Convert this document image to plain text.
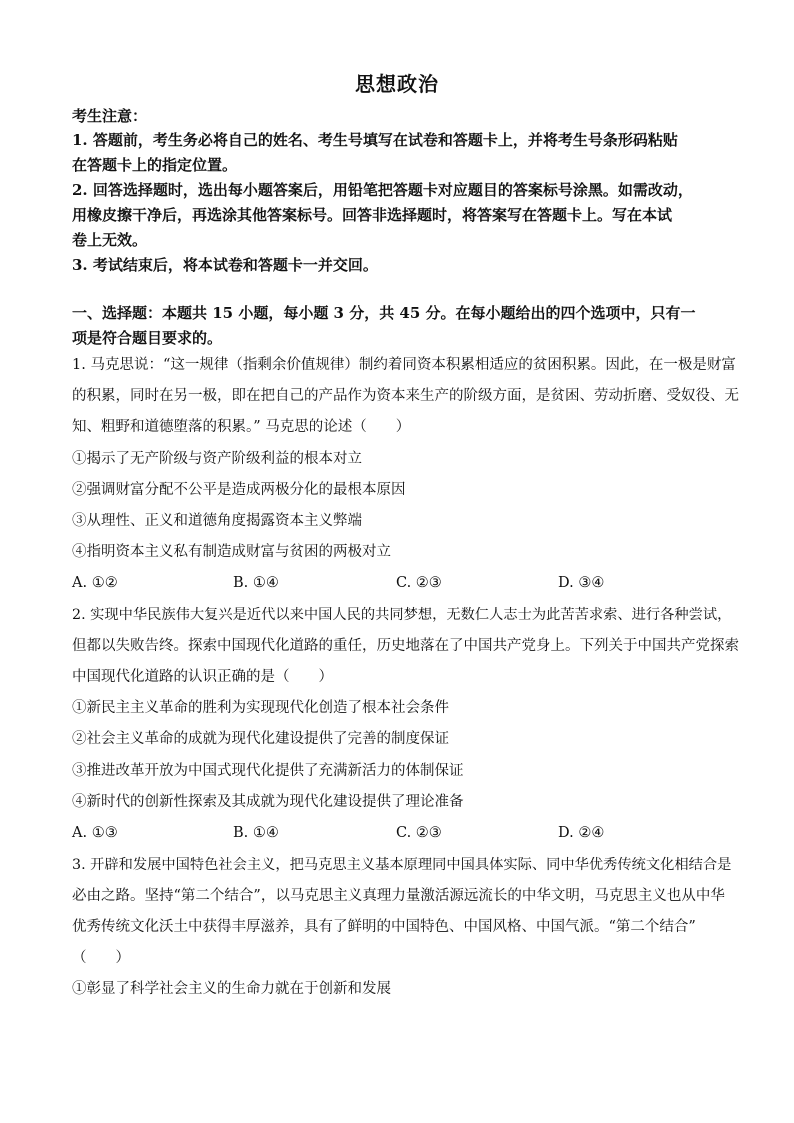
思想政治
考生注意：
1. 答题前，考生务必将自己的姓名、考生号填写在试卷和答题卡上，并将考生号条形码粘贴
在答题卡上的指定位置。
2. 回答选择题时，选出每小题答案后，用铅笔把答题卡对应题目的答案标号涂黑。如需改动，
用橡皮擦干净后，再选涂其他答案标号。回答非选择题时，将答案写在答题卡上。写在本试
卷上无效。
3. 考试结束后，将本试卷和答题卡一并交回。
一、选择题：本题共 15 小题，每小题 3 分，共 45 分。在每小题给出的四个选项中，只有一
项是符合题目要求的。
1. 马克思说：“这一规律（指剩余价值规律）制约着同资本积累相适应的贫困积累。因此，在一极是财富
的积累，同时在另一极，即在把自己的产品作为资本来生产的阶级方面，是贫困、劳动折磨、受奴役、无
知、粗野和道德堕落的积累。” 马克思的论述（　　）
①揭示了无产阶级与资产阶级利益的根本对立
②强调财富分配不公平是造成两极分化的最根本原因
③从理性、正义和道德角度揭露资本主义弊端
④指明资本主义私有制造成财富与贫困的两极对立
A. ①②	B. ①④	C. ②③	D. ③④
2. 实现中华民族伟大复兴是近代以来中国人民的共同梦想，无数仁人志士为此苦苦求索、进行各种尝试，
但都以失败告终。探索中国现代化道路的重任，历史地落在了中国共产党身上。下列关于中国共产党探索
中国现代化道路的认识正确的是（　　）
①新民主主义革命的胜利为实现现代化创造了根本社会条件
②社会主义革命的成就为现代化建设提供了完善的制度保证
③推进改革开放为中国式现代化提供了充满新活力的体制保证
④新时代的创新性探索及其成就为现代化建设提供了理论准备
A. ①③	B. ①④	C. ②③	D. ②④
3. 开辟和发展中国特色社会主义，把马克思主义基本原理同中国具体实际、同中华优秀传统文化相结合是
必由之路。坚持“第二个结合”，以马克思主义真理力量激活源远流长的中华文明，马克思主义也从中华
优秀传统文化沃土中获得丰厚滋养，具有了鲜明的中国特色、中国风格、中国气派。“第二个结合”
（　　）
①彰显了科学社会主义的生命力就在于创新和发展
